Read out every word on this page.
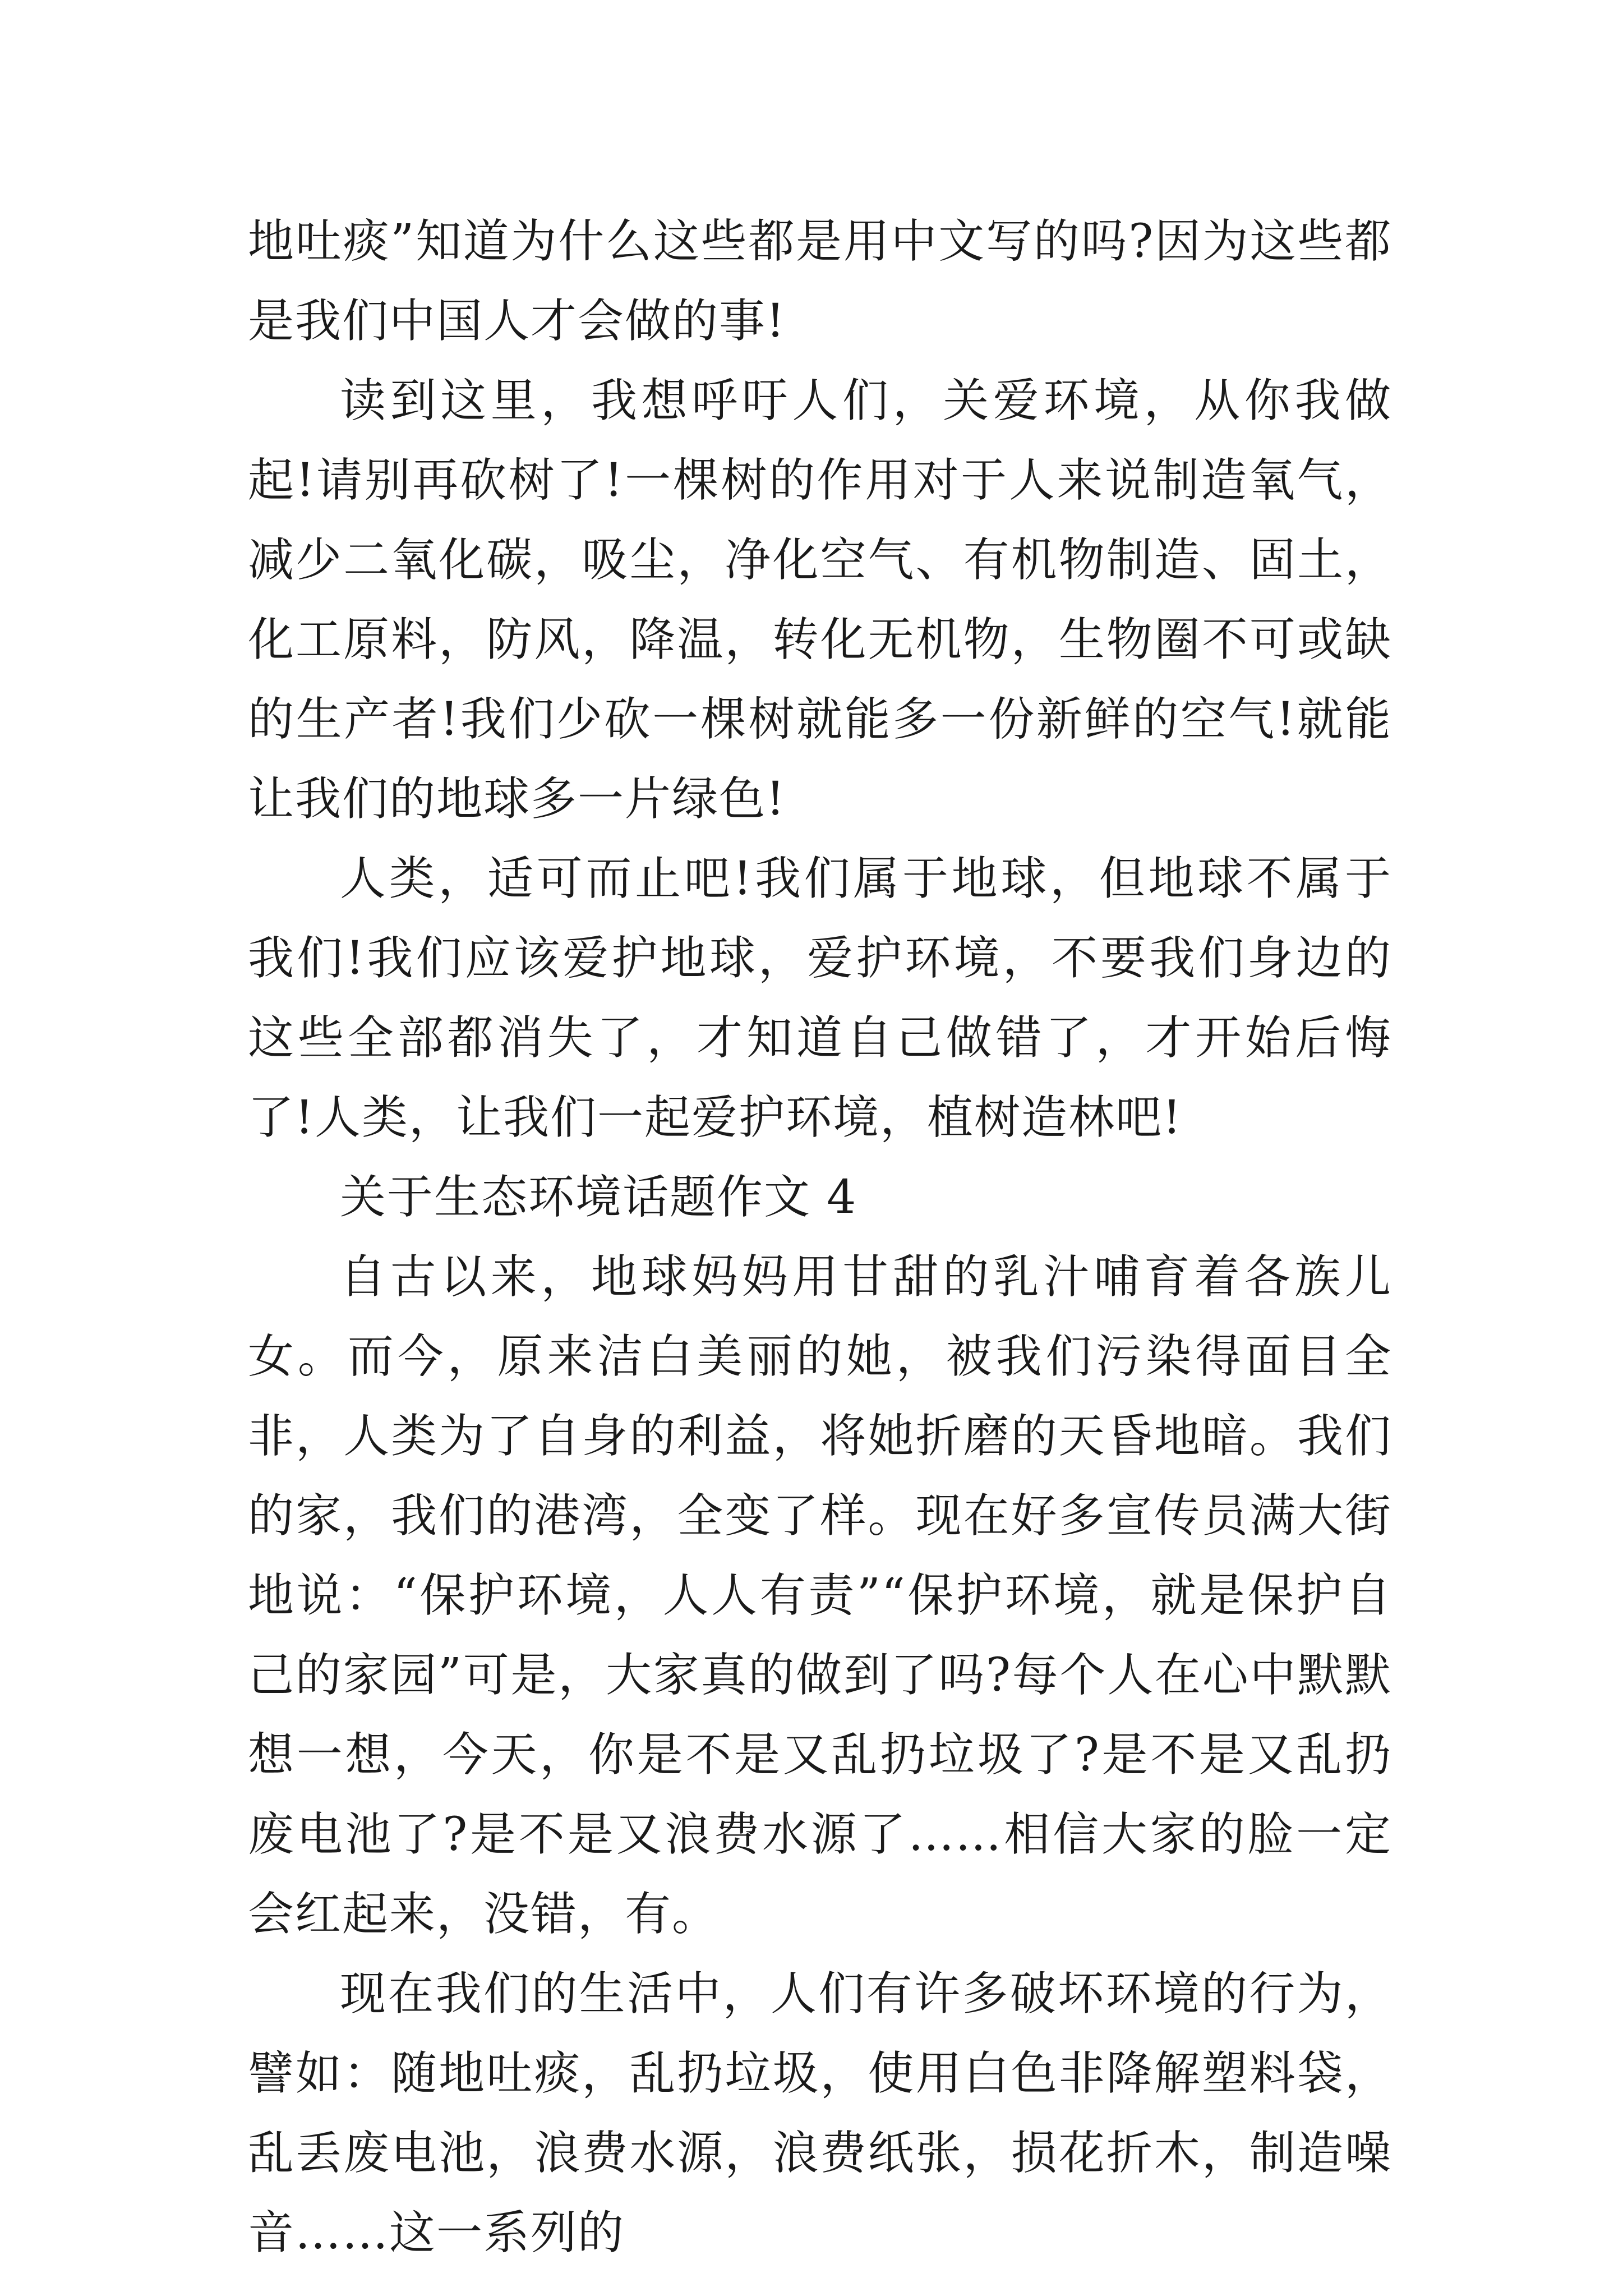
地吐痰”知道为什么这些都是用中文写的吗?因为这些都是我们中国人才会做的事!

读到这里，我想呼吁人们，关爱环境，从你我做起!请别再砍树了!一棵树的作用对于人来说制造氧气，减少二氧化碳，吸尘，净化空气、有机物制造、固土，化工原料，防风，降温，转化无机物，生物圈不可或缺的生产者!我们少砍一棵树就能多一份新鲜的空气!就能让我们的地球多一片绿色!

人类，适可而止吧!我们属于地球，但地球不属于我们!我们应该爱护地球，爱护环境，不要我们身边的这些全部都消失了，才知道自己做错了，才开始后悔了!人类，让我们一起爱护环境，植树造林吧!

关于生态环境话题作文 4

自古以来，地球妈妈用甘甜的乳汁哺育着各族儿女。而今，原来洁白美丽的她，被我们污染得面目全非，人类为了自身的利益，将她折磨的天昏地暗。我们的家，我们的港湾，全变了样。现在好多宣传员满大街地说：“保护环境，人人有责”“保护环境，就是保护自己的家园”可是，大家真的做到了吗?每个人在心中默默想一想，今天，你是不是又乱扔垃圾了?是不是又乱扔废电池了?是不是又浪费水源了……相信大家的脸一定会红起来，没错，有。

现在我们的生活中，人们有许多破坏环境的行为，譬如：随地吐痰，乱扔垃圾，使用白色非降解塑料袋，乱丢废电池，浪费水源，浪费纸张，损花折木，制造噪音……这一系列的
